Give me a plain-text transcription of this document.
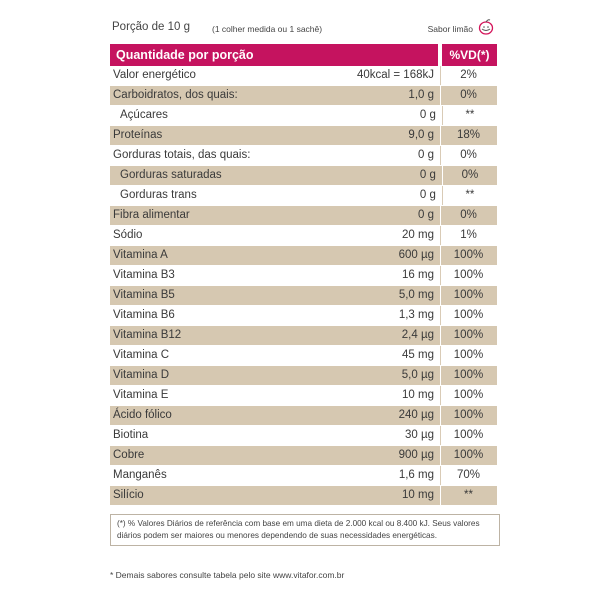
Porção de 10 g	(1 colher medida ou 1 sachê)	Sabor limão
Quantidade por porção	%VD(*)
Valor energético	40kcal = 168kJ	2%
Carboidratos, dos quais:	1,0 g	0%
Açúcares	0 g	**
Proteínas	9,0 g	18%
Gorduras totais, das quais:	0 g	0%
Gorduras saturadas	0 g	0%
Gorduras trans	0 g	**
Fibra alimentar	0 g	0%
Sódio	20 mg	1%
Vitamina A	600 µg	100%
Vitamina B3	16 mg	100%
Vitamina B5	5,0 mg	100%
Vitamina B6	1,3 mg	100%
Vitamina B12	2,4 µg	100%
Vitamina C	45 mg	100%
Vitamina D	5,0 µg	100%
Vitamina E	10 mg	100%
Ácido fólico	240 µg	100%
Biotina	30 µg	100%
Cobre	900 µg	100%
Manganês	1,6 mg	70%
Silício	10 mg	**
(*) % Valores Diários de referência com base em uma dieta de 2.000 kcal ou 8.400 kJ. Seus valores diários podem ser maiores ou menores dependendo de suas necessidades energéticas.
* Demais sabores consulte tabela pelo site www.vitafor.com.br
